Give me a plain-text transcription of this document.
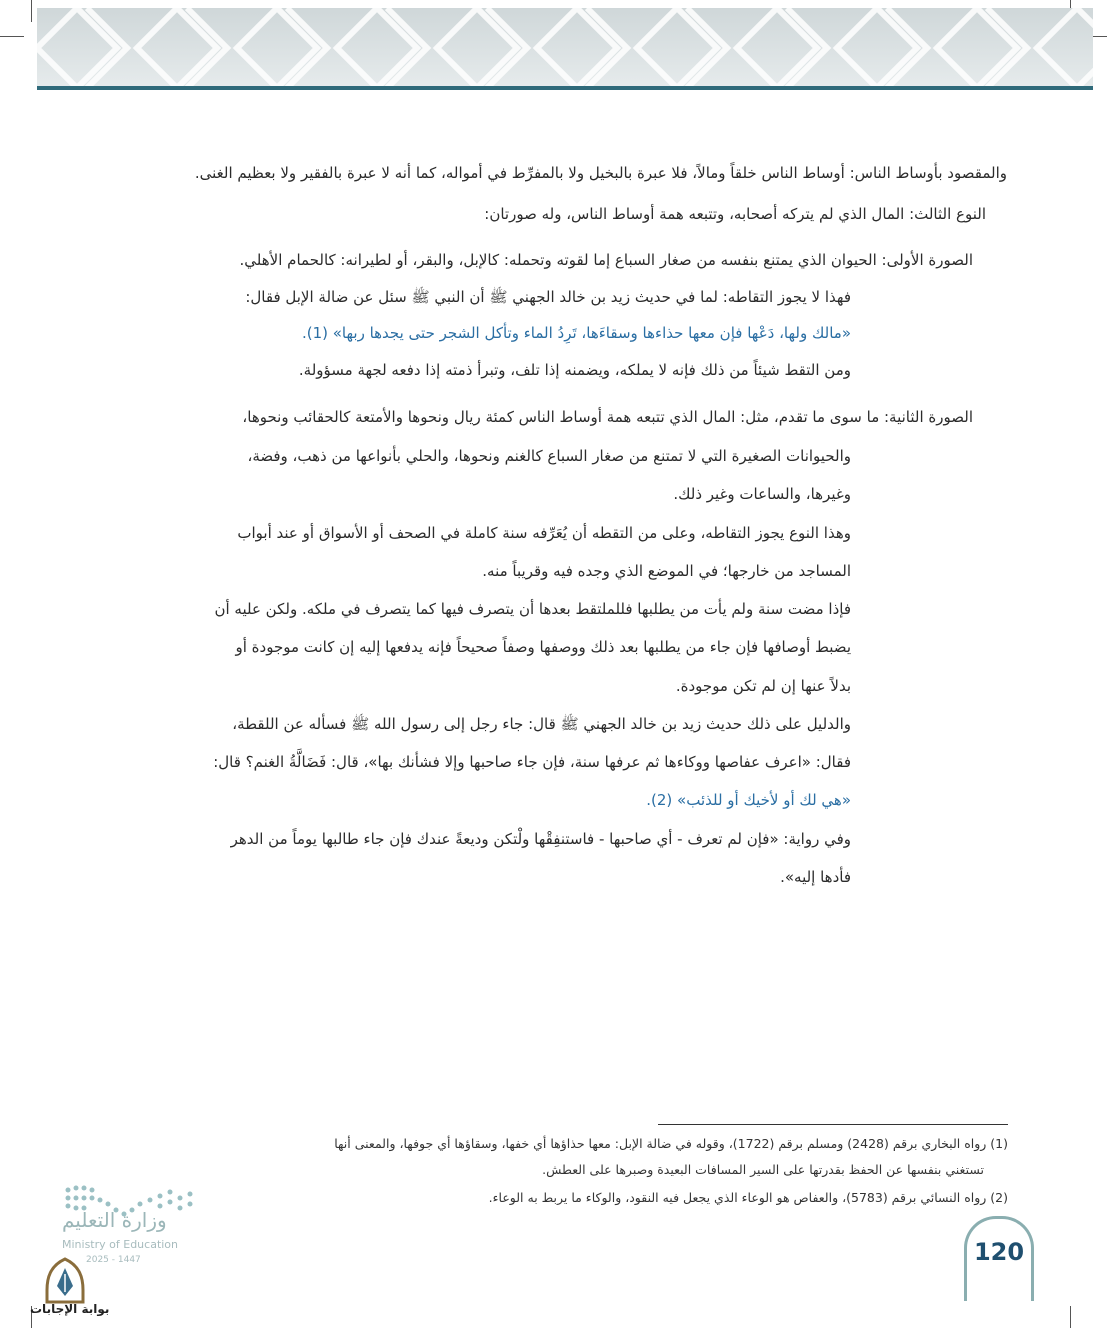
والمقصود بأوساط الناس: أوساط الناس خلقاً ومالاً، فلا عبرة بالبخيل ولا بالمفرِّط في أمواله، كما أنه لا عبرة بالفقير ولا بعظيم الغنى.
النوع الثالث: المال الذي لم يتركه أصحابه، وتتبعه همة أوساط الناس، وله صورتان:
الصورة الأولى: الحيوان الذي يمتنع بنفسه من صغار السباع إما لقوته وتحمله: كالإبل، والبقر، أو لطيرانه: كالحمام الأهلي.
فهذا لا يجوز التقاطه: لما في حديث زيد بن خالد الجهني ﷺ أن النبي ﷺ سئل عن ضالة الإبل فقال:
«مالك ولها، دَعْها فإن معها حذاءها وسقاءَها، تَرِدُ الماء وتأكل الشجر حتى يجدها ربها» (1).
ومن التقط شيئاً من ذلك فإنه لا يملكه، ويضمنه إذا تلف، وتبرأ ذمته إذا دفعه لجهة مسؤولة.
الصورة الثانية: ما سوى ما تقدم، مثل: المال الذي تتبعه همة أوساط الناس كمئة ريال ونحوها والأمتعة كالحقائب ونحوها،
والحيوانات الصغيرة التي لا تمتنع من صغار السباع كالغنم ونحوها، والحلي بأنواعها من ذهب، وفضة،
وغيرها، والساعات وغير ذلك.
وهذا النوع يجوز التقاطه، وعلى من التقطه أن يُعَرِّفه سنة كاملة في الصحف أو الأسواق أو عند أبواب
المساجد من خارجها؛ في الموضع الذي وجده فيه وقريباً منه.
فإذا مضت سنة ولم يأت من يطلبها فللملتقط بعدها أن يتصرف فيها كما يتصرف في ملكه. ولكن عليه أن
يضبط أوصافها فإن جاء من يطلبها بعد ذلك ووصفها وصفاً صحيحاً فإنه يدفعها إليه إن كانت موجودة أو
بدلاً عنها إن لم تكن موجودة.
والدليل على ذلك حديث زيد بن خالد الجهني ﷺ قال: جاء رجل إلى رسول الله ﷺ فسأله عن اللقطة،
فقال: «اعرف عفاصها ووكاءها ثم عرفها سنة، فإن جاء صاحبها وإلا فشأنك بها»، قال: فَضَالَّةُ الغنم؟ قال:
«هي لك أو لأخيك أو للذئب» (2).
وفي رواية: «فإن لم تعرف - أي صاحبها - فاستنفِقْها ولْتكن وديعةً عندك فإن جاء طالبها يوماً من الدهر
فأدها إليه».
(1) رواه البخاري برقم (2428) ومسلم برقم (1722)، وقوله في ضالة الإبل: معها حذاؤها أي خفها، وسقاؤها أي جوفها، والمعنى أنها
تستغني بنفسها عن الحفظ بقدرتها على السير المسافات البعيدة وصبرها على العطش.
(2) رواه النسائي برقم (5783)، والعفاص هو الوعاء الذي يجعل فيه النقود، والوكاء ما يربط به الوعاء.
وزارة التعليم
Ministry of Education
2025 - 1447
بوابة الإجابات
120
